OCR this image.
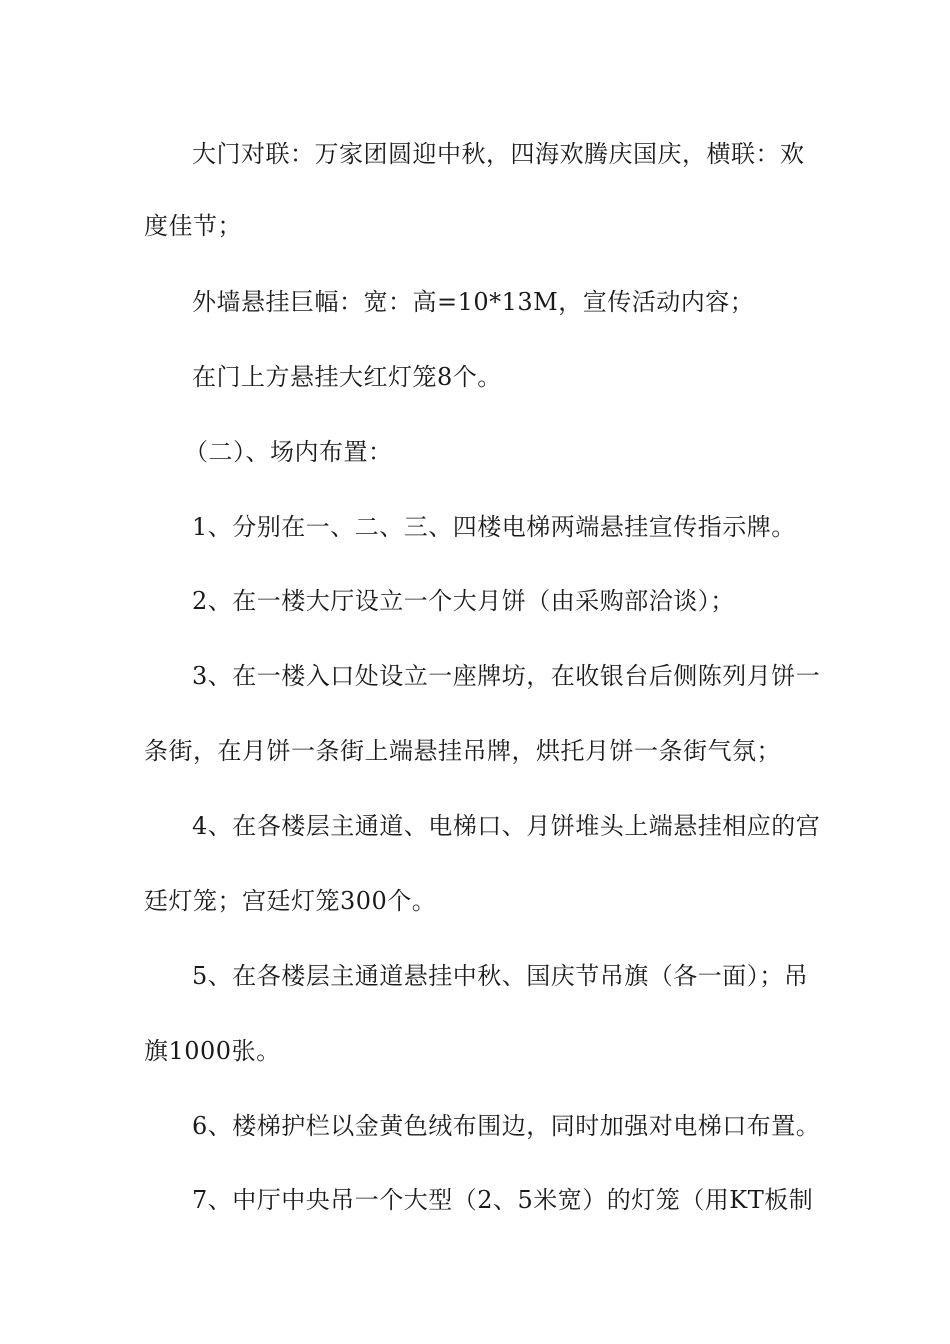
大门对联：万家团圆迎中秋，四海欢腾庆国庆，横联：欢
度佳节；
外墙悬挂巨幅：宽：高=10*13M，宣传活动内容；
在门上方悬挂大红灯笼8个。
（二）、场内布置：
1、分别在一、二、三、四楼电梯两端悬挂宣传指示牌。
2、在一楼大厅设立一个大月饼（由采购部洽谈）；
3、在一楼入口处设立一座牌坊，在收银台后侧陈列月饼一
条街，在月饼一条街上端悬挂吊牌，烘托月饼一条街气氛；
4、在各楼层主通道、电梯口、月饼堆头上端悬挂相应的宫
廷灯笼；宫廷灯笼300个。
5、在各楼层主通道悬挂中秋、国庆节吊旗（各一面）；吊
旗1000张。
6、楼梯护栏以金黄色绒布围边，同时加强对电梯口布置。
7、中厅中央吊一个大型（2、5米宽）的灯笼（用KT板制
